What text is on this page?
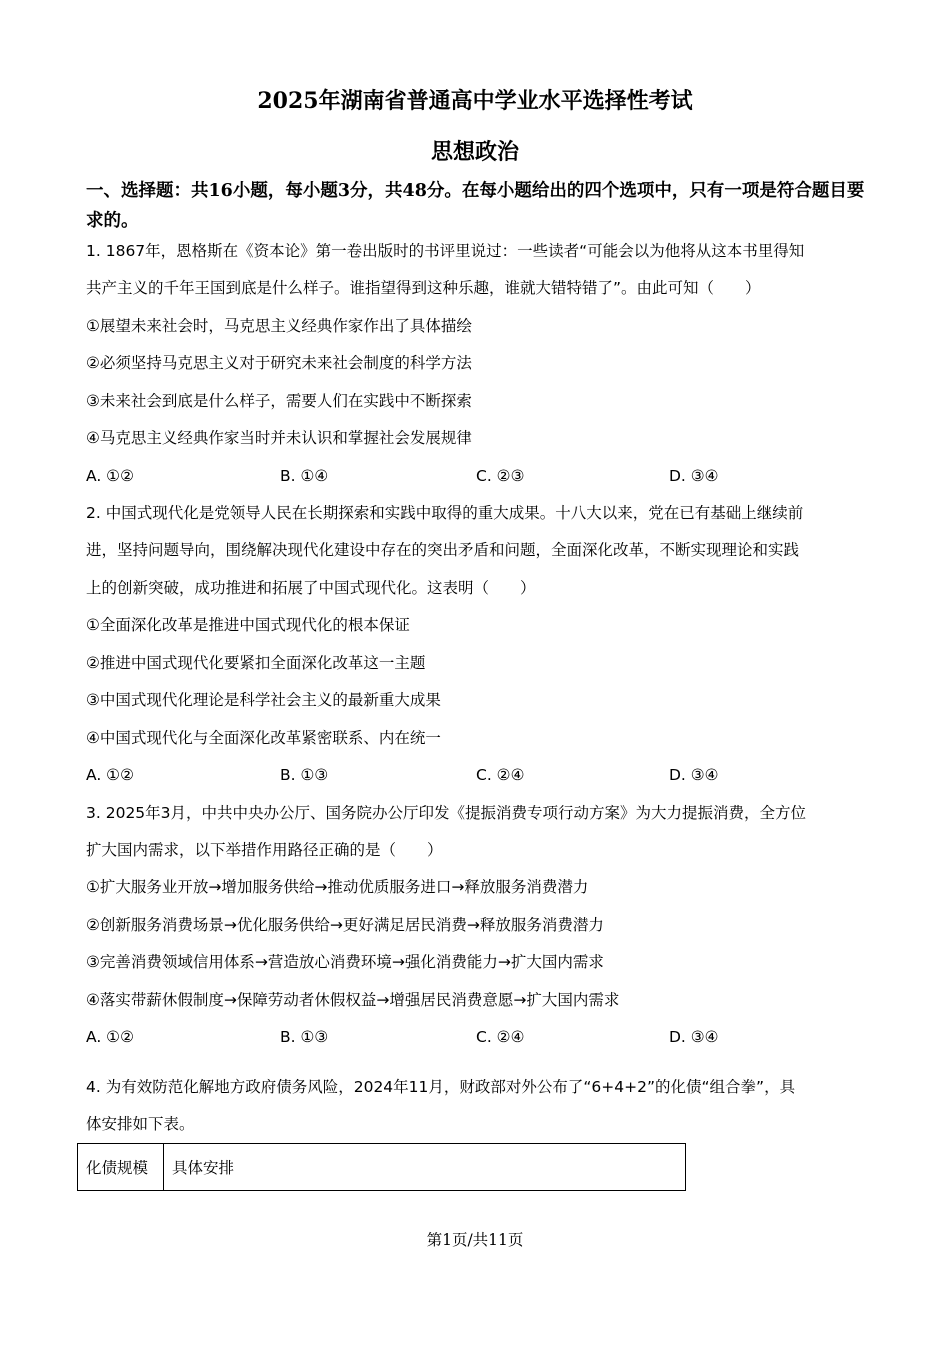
2025年湖南省普通高中学业水平选择性考试
思想政治
一、选择题：共16小题，每小题3分，共48分。在每小题给出的四个选项中，只有一项是符合题目要求的。
1. 1867年，恩格斯在《资本论》第一卷出版时的书评里说过：一些读者“可能会以为他将从这本书里得知
共产主义的千年王国到底是什么样子。谁指望得到这种乐趣，谁就大错特错了”。由此可知（　　）
①展望未来社会时，马克思主义经典作家作出了具体描绘
②必须坚持马克思主义对于研究未来社会制度的科学方法
③未来社会到底是什么样子，需要人们在实践中不断探索
④马克思主义经典作家当时并未认识和掌握社会发展规律
A. ①②	B. ①④	C. ②③	D. ③④
2. 中国式现代化是党领导人民在长期探索和实践中取得的重大成果。十八大以来，党在已有基础上继续前
进，坚持问题导向，围绕解决现代化建设中存在的突出矛盾和问题，全面深化改革，不断实现理论和实践
上的创新突破，成功推进和拓展了中国式现代化。这表明（　　）
①全面深化改革是推进中国式现代化的根本保证
②推进中国式现代化要紧扣全面深化改革这一主题
③中国式现代化理论是科学社会主义的最新重大成果
④中国式现代化与全面深化改革紧密联系、内在统一
A. ①②	B. ①③	C. ②④	D. ③④
3. 2025年3月，中共中央办公厅、国务院办公厅印发《提振消费专项行动方案》为大力提振消费，全方位
扩大国内需求，以下举措作用路径正确的是（　　）
①扩大服务业开放→增加服务供给→推动优质服务进口→释放服务消费潜力
②创新服务消费场景→优化服务供给→更好满足居民消费→释放服务消费潜力
③完善消费领域信用体系→营造放心消费环境→强化消费能力→扩大国内需求
④落实带薪休假制度→保障劳动者休假权益→增强居民消费意愿→扩大国内需求
A. ①②	B. ①③	C. ②④	D. ③④
4. 为有效防范化解地方政府债务风险，2024年11月，财政部对外公布了“6+4+2”的化债“组合拳”，具
体安排如下表。
化债规模	具体安排
第1页/共11页
